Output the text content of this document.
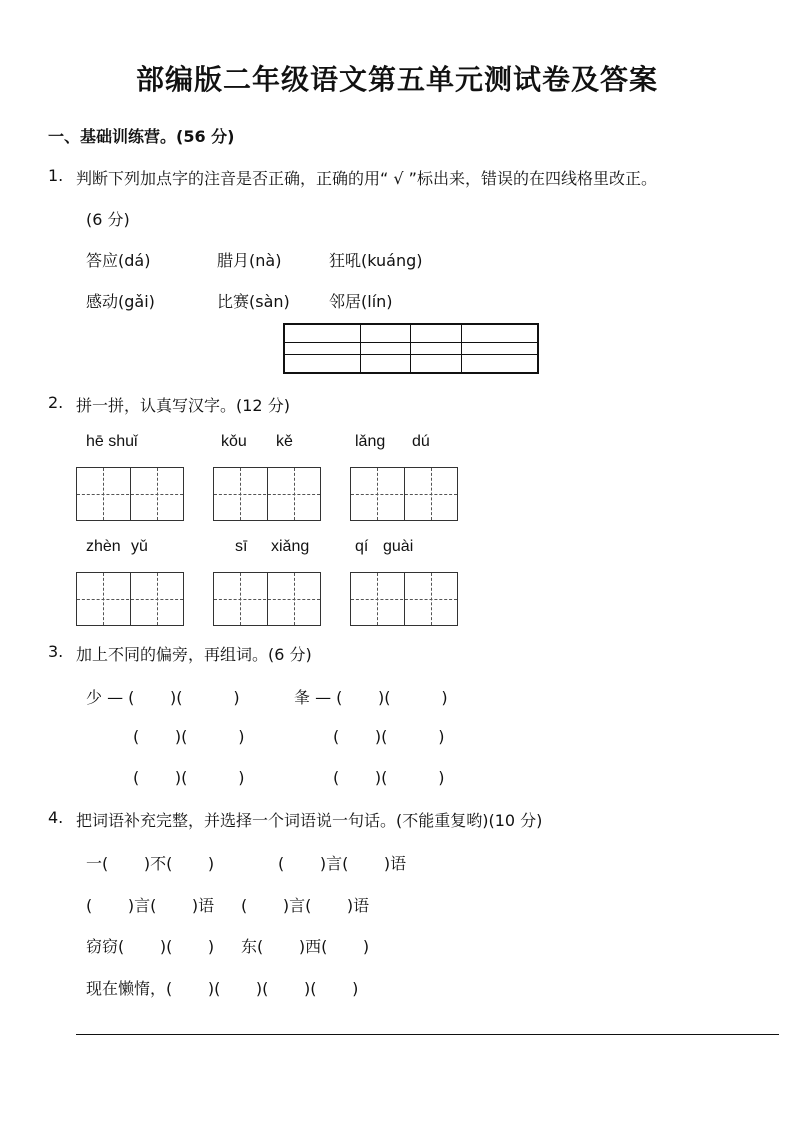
部编版二年级语文第五单元测试卷及答案
一、基础训练营。(56 分)
1. 判断下列加点字的注音是否正确，正确的用“ √ ”标出来，错误的在四线格里改正。
(6 分)
答应(dá)	腊月(nà)	狂吼(kuáng)
感动(gǎi)	比赛(sàn) 邻居(lín)

2. 拼一拼，认真写汉字。(12 分)
hē shuǐ	kǒu kě	lǎng dú
zhèn yǔ	sī xiǎng	qí guài
3. 加上不同的偏旁，再组词。(6 分)
少 — (       )(          )	夆 — (       )(          )
(       )(          )	(       )(          )
(       )(          )	(       )(          )
4. 把词语补充完整，并选择一个词语说一句话。(不能重复哟)(10 分)
一(       )不(       )	(       )言(       )语
(       )言(       )语 (       )言(       )语
窃窃(       )(       ) 东(       )西(       )
现在懒惰，(       )(       )(       )(       )
